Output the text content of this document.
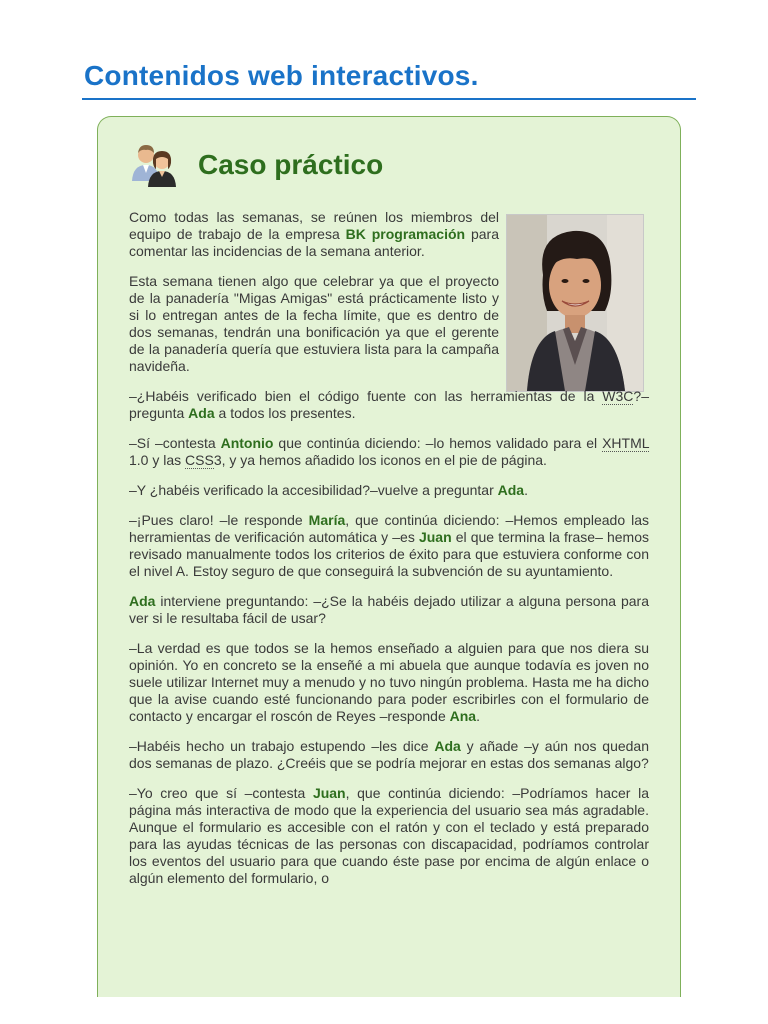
Contenidos web interactivos.
Caso práctico

Como todas las semanas, se reúnen los miembros del equipo de trabajo de la empresa BK programación para comentar las incidencias de la semana anterior.

Esta semana tienen algo que celebrar ya que el proyecto de la panadería "Migas Amigas" está prácticamente listo y si lo entregan antes de la fecha límite, que es dentro de dos semanas, tendrán una bonificación ya que el gerente de la panadería quería que estuviera lista para la campaña navideña.

–¿Habéis verificado bien el código fuente con las herramientas de la W3C?–pregunta Ada a todos los presentes.

–Sí –contesta Antonio que continúa diciendo: –lo hemos validado para el XHTML 1.0 y las CSS3, y ya hemos añadido los iconos en el pie de página.

–Y ¿habéis verificado la accesibilidad?–vuelve a preguntar Ada.

–¡Pues claro! –le responde María, que continúa diciendo: –Hemos empleado las herramientas de verificación automática y –es Juan el que termina la frase– hemos revisado manualmente todos los criterios de éxito para que estuviera conforme con el nivel A. Estoy seguro de que conseguirá la subvención de su ayuntamiento.

Ada interviene preguntando: –¿Se la habéis dejado utilizar a alguna persona para ver si le resultaba fácil de usar?

–La verdad es que todos se la hemos enseñado a alguien para que nos diera su opinión. Yo en concreto se la enseñé a mi abuela que aunque todavía es joven no suele utilizar Internet muy a menudo y no tuvo ningún problema. Hasta me ha dicho que la avise cuando esté funcionando para poder escribirles con el formulario de contacto y encargar el roscón de Reyes –responde Ana.

–Habéis hecho un trabajo estupendo –les dice Ada y añade –y aún nos quedan dos semanas de plazo. ¿Creéis que se podría mejorar en estas dos semanas algo?

–Yo creo que sí –contesta Juan, que continúa diciendo: –Podríamos hacer la página más interactiva de modo que la experiencia del usuario sea más agradable. Aunque el formulario es accesible con el ratón y con el teclado y está preparado para las ayudas técnicas de las personas con discapacidad, podríamos controlar los eventos del usuario para que cuando éste pase por encima de algún enlace o algún elemento del formulario, o
